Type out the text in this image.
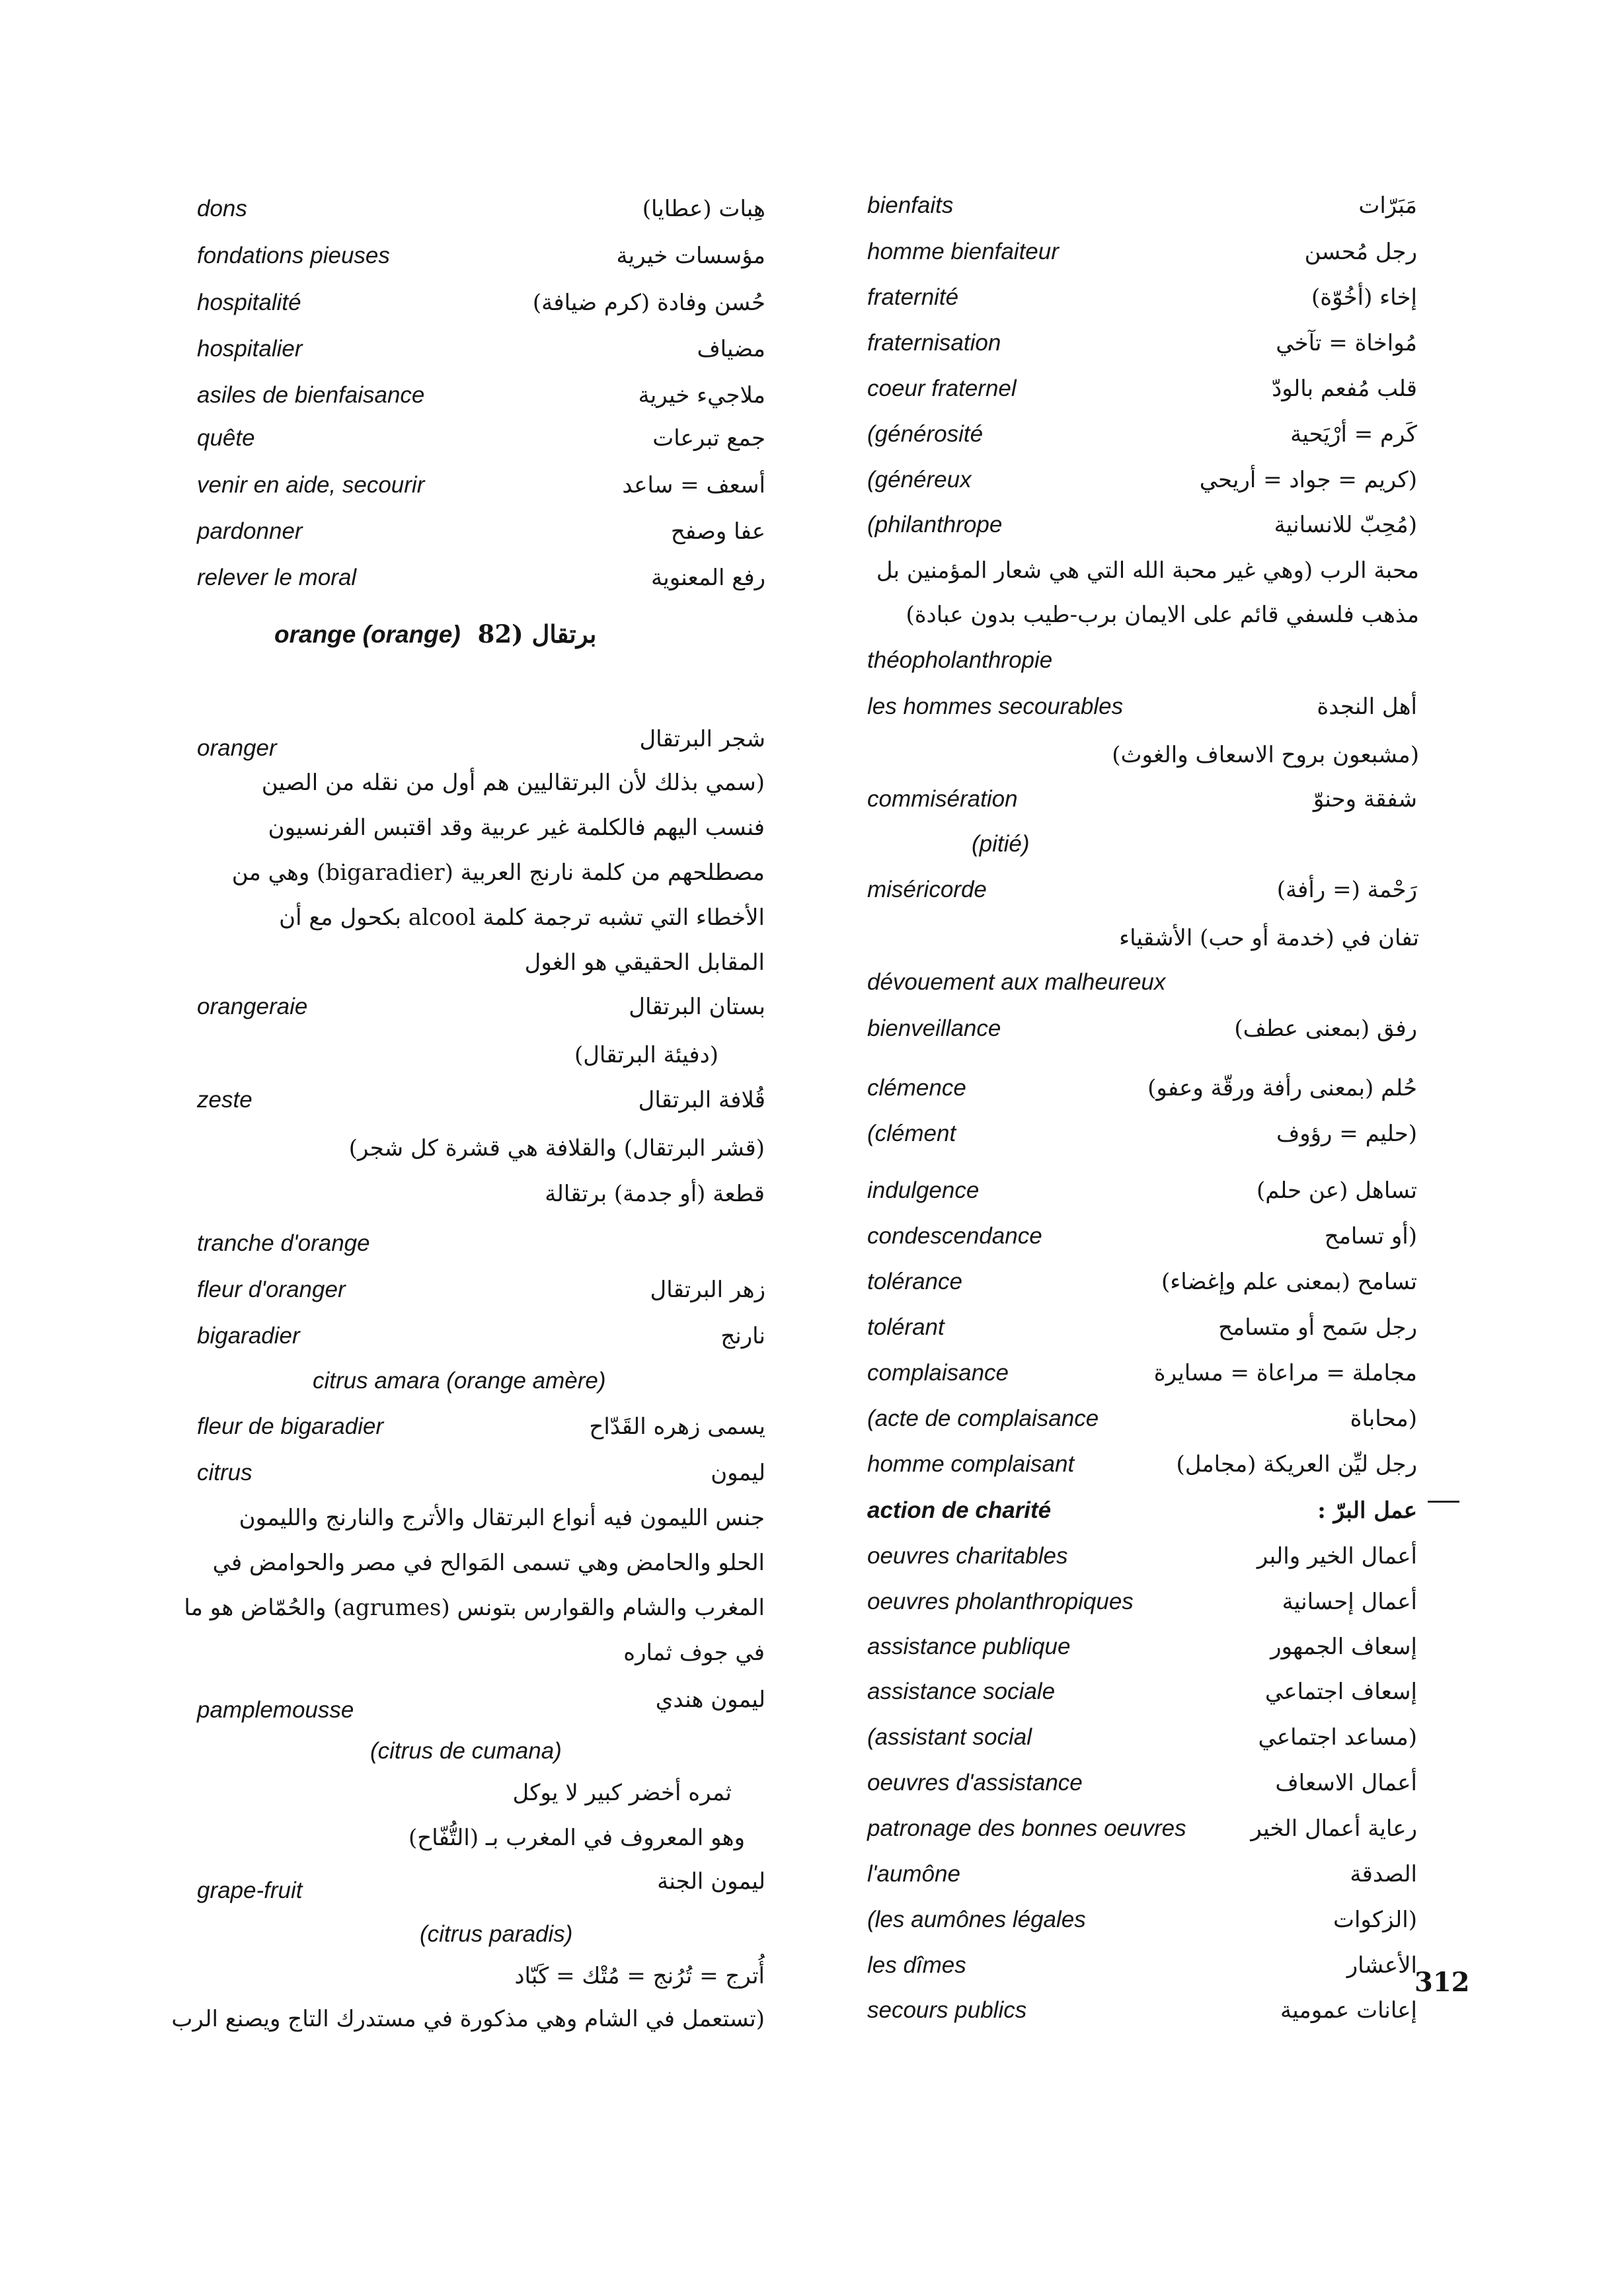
bienfaits	مَبَرّات
homme bienfaiteur	رجل مُحسن
fraternité	إخاء (أخُوّة)
fraternisation	مُواخاة = تآخي
coeur fraternel	قلب مُفعم بالودّ
(générosité	كَرم = أرْيَحية
(généreux	(كريم = جواد = أريحي
(philanthrope	(مُحِبّ للانسانية
محبة الرب (وهي غير محبة الله التي هي شعار المؤمنين بل
مذهب فلسفي قائم على الايمان برب-طيب بدون عبادة)
théopholanthropie
les hommes secourables	أهل النجدة
(مشبعون بروح الاسعاف والغوث)
commisération	شفقة وحنوّ
(pitié)
miséricorde	رَحْمة (= رأفة)
تفان في (خدمة أو حب) الأشقياء
dévouement aux malheureux
bienveillance	رفق (بمعنى عطف)
clémence	حُلم (بمعنى رأفة ورقّة وعفو)
(clément	(حليم = رؤوف
indulgence	تساهل (عن حلم)
condescendance	(أو تسامح
tolérance	تسامح (بمعنى علم وإغضاء)
tolérant	رجل سَمح أو متسامح
complaisance	مجاملة = مراعاة = مسايرة
(acte de complaisance	(محاباة
homme complaisant	رجل ليِّن العريكة (مجامل)
action de charité	عمل البرّ :
oeuvres charitables	أعمال الخير والبر
oeuvres pholanthropiques	أعمال إحسانية
assistance publique	إسعاف الجمهور
assistance sociale	إسعاف اجتماعي
(assistant social	(مساعد اجتماعي
oeuvres d'assistance	أعمال الاسعاف
patronage des bonnes oeuvres	رعاية أعمال الخير
l'aumône	الصدقة
(les aumônes légales	(الزكوات
les dîmes	الأعشار
secours publics	إعانات عمومية
dons	هِبات (عطايا)
fondations pieuses	مؤسسات خيرية
hospitalité	حُسن وفادة (كرم ضيافة)
hospitalier	مضياف
asiles de bienfaisance	ملاجيء خيرية
quête	جمع تبرعات
venir en aide, secourir	أسعف = ساعد
pardonner	عفا وصفح
relever le moral	رفع المعنوية
orange (orange) برتقال (82
oranger	شجر البرتقال
(سمي بذلك لأن البرتقاليين هم أول من نقله من الصين
فنسب اليهم فالكلمة غير عربية وقد اقتبس الفرنسيون
مصطلحهم من كلمة نارنج العربية (bigaradier) وهي من
الأخطاء التي تشبه ترجمة كلمة alcool بكحول مع أن
المقابل الحقيقي هو الغول
orangeraie	بستان البرتقال
(دفيئة البرتقال)
zeste	قُلافة البرتقال
(قشر البرتقال) والقلافة هي قشرة كل شجر)
قطعة (أو جدمة) برتقالة
tranche d'orange
fleur d'oranger	زهر البرتقال
bigaradier	نارنج
citrus amara (orange amère)
fleur de bigaradier	يسمى زهره القَدّاح
citrus	ليمون
جنس الليمون فيه أنواع البرتقال والأترج والنارنج والليمون
الحلو والحامض وهي تسمى المَوالح في مصر والحوامض في
المغرب والشام والقوارس بتونس (agrumes) والحُمّاض هو ما
في جوف ثماره
pamplemousse	ليمون هندي
(citrus de cumana)
ثمره أخضر كبير لا يوكل
وهو المعروف في المغرب بـ (التُّفّاح)
grape-fruit	ليمون الجنة
(citrus paradis)
أُترج = تُرُنج = مُتْك = كَبّاد
(تستعمل في الشام وهي مذكورة في مستدرك التاج ويصنع الرب
312
